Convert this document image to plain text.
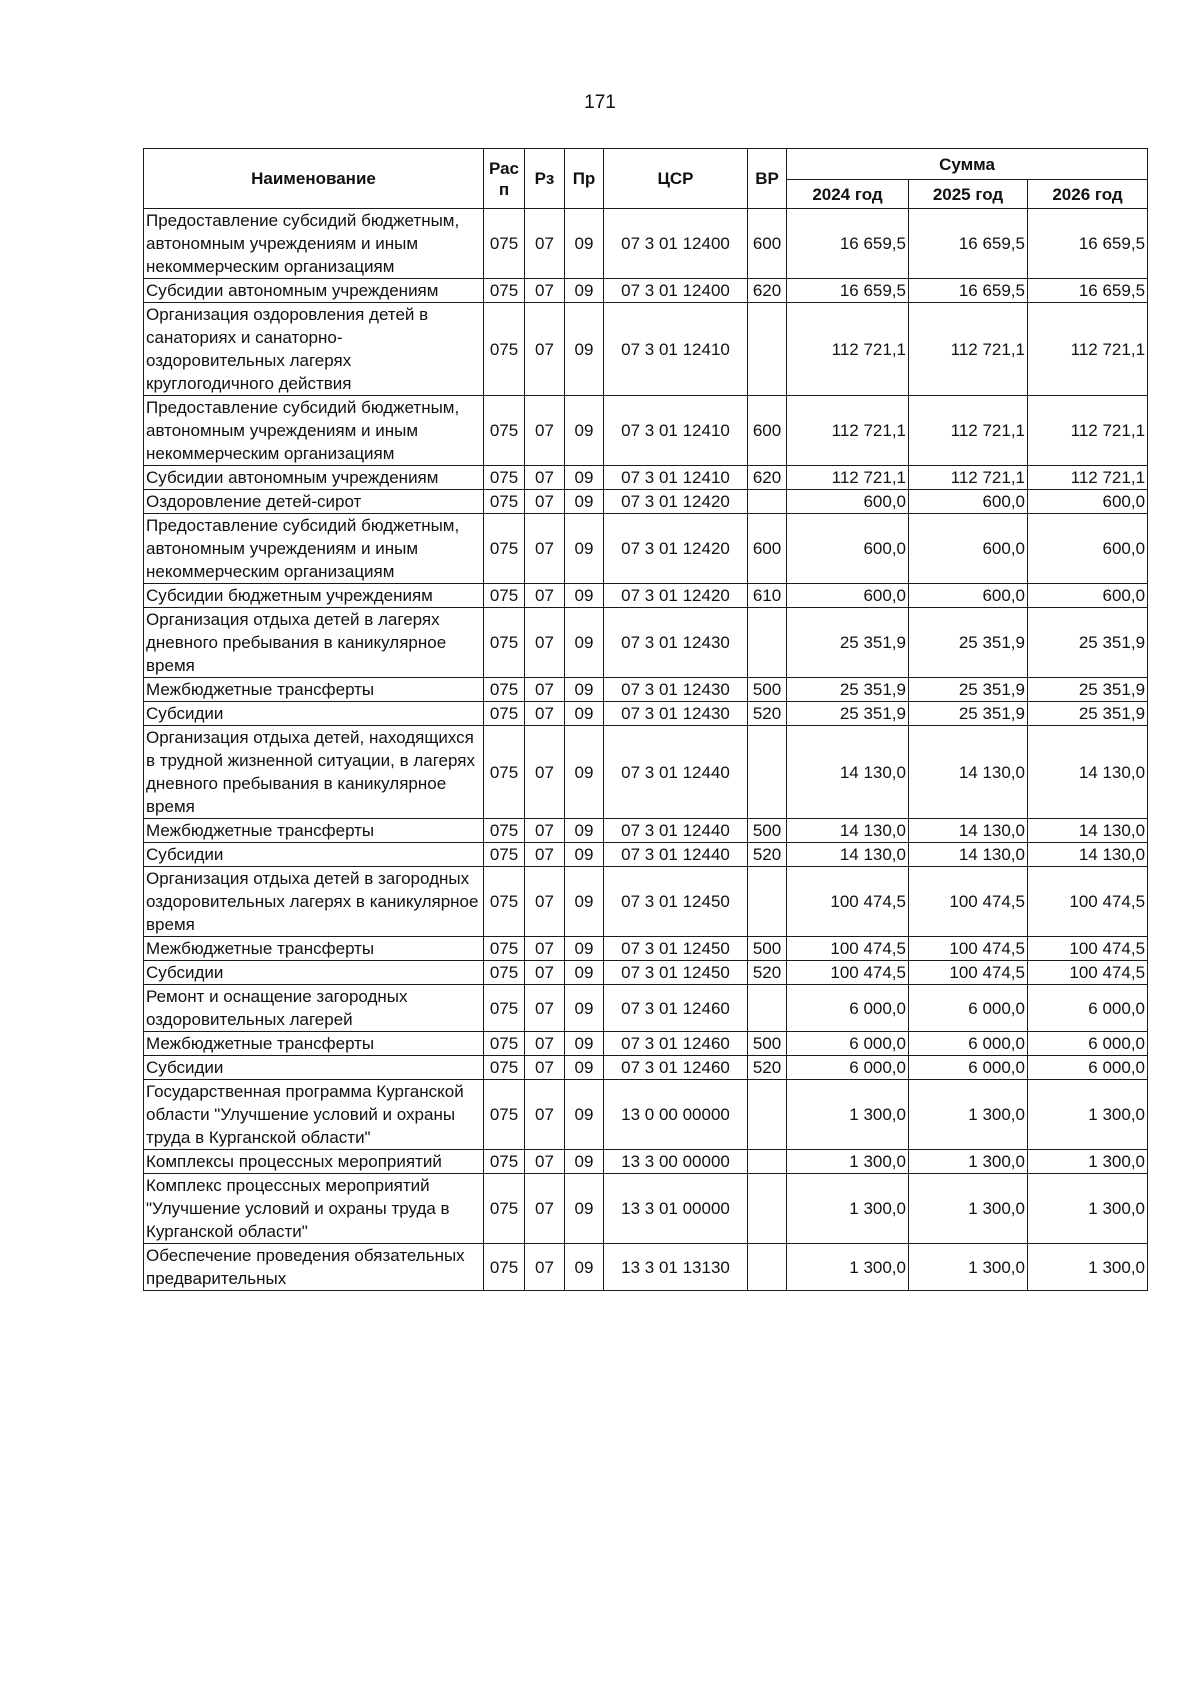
171
Наименование	Рас п	Рз	Пр	ЦСР	ВР	Сумма		
						2024 год	2025 год	2026 год
Предоставление субсидий бюджетным, автономным учреждениям и иным некоммерческим организациям	075	07	09	07 3 01 12400	600	16 659,5	16 659,5	16 659,5
Субсидии автономным учреждениям	075	07	09	07 3 01 12400	620	16 659,5	16 659,5	16 659,5
Организация оздоровления детей в санаториях и санаторно-оздоровительных лагерях круглогодичного действия	075	07	09	07 3 01 12410		112 721,1	112 721,1	112 721,1
Предоставление субсидий бюджетным, автономным учреждениям и иным некоммерческим организациям	075	07	09	07 3 01 12410	600	112 721,1	112 721,1	112 721,1
Субсидии автономным учреждениям	075	07	09	07 3 01 12410	620	112 721,1	112 721,1	112 721,1
Оздоровление детей-сирот	075	07	09	07 3 01 12420		600,0	600,0	600,0
Предоставление субсидий бюджетным, автономным учреждениям и иным некоммерческим организациям	075	07	09	07 3 01 12420	600	600,0	600,0	600,0
Субсидии бюджетным учреждениям	075	07	09	07 3 01 12420	610	600,0	600,0	600,0
Организация отдыха детей в лагерях дневного пребывания в каникулярное время	075	07	09	07 3 01 12430		25 351,9	25 351,9	25 351,9
Межбюджетные трансферты	075	07	09	07 3 01 12430	500	25 351,9	25 351,9	25 351,9
Субсидии	075	07	09	07 3 01 12430	520	25 351,9	25 351,9	25 351,9
Организация отдыха детей, находящихся в трудной жизненной ситуации, в лагерях дневного пребывания в каникулярное время	075	07	09	07 3 01 12440		14 130,0	14 130,0	14 130,0
Межбюджетные трансферты	075	07	09	07 3 01 12440	500	14 130,0	14 130,0	14 130,0
Субсидии	075	07	09	07 3 01 12440	520	14 130,0	14 130,0	14 130,0
Организация отдыха детей в загородных оздоровительных лагерях в каникулярное время	075	07	09	07 3 01 12450		100 474,5	100 474,5	100 474,5
Межбюджетные трансферты	075	07	09	07 3 01 12450	500	100 474,5	100 474,5	100 474,5
Субсидии	075	07	09	07 3 01 12450	520	100 474,5	100 474,5	100 474,5
Ремонт и оснащение загородных оздоровительных лагерей	075	07	09	07 3 01 12460		6 000,0	6 000,0	6 000,0
Межбюджетные трансферты	075	07	09	07 3 01 12460	500	6 000,0	6 000,0	6 000,0
Субсидии	075	07	09	07 3 01 12460	520	6 000,0	6 000,0	6 000,0
Государственная программа Курганской области "Улучшение условий и охраны труда в Курганской области"	075	07	09	13 0 00 00000		1 300,0	1 300,0	1 300,0
Комплексы процессных мероприятий	075	07	09	13 3 00 00000		1 300,0	1 300,0	1 300,0
Комплекс процессных мероприятий "Улучшение условий и охраны труда в Курганской области"	075	07	09	13 3 01 00000		1 300,0	1 300,0	1 300,0
Обеспечение проведения обязательных предварительных	075	07	09	13 3 01 13130		1 300,0	1 300,0	1 300,0
